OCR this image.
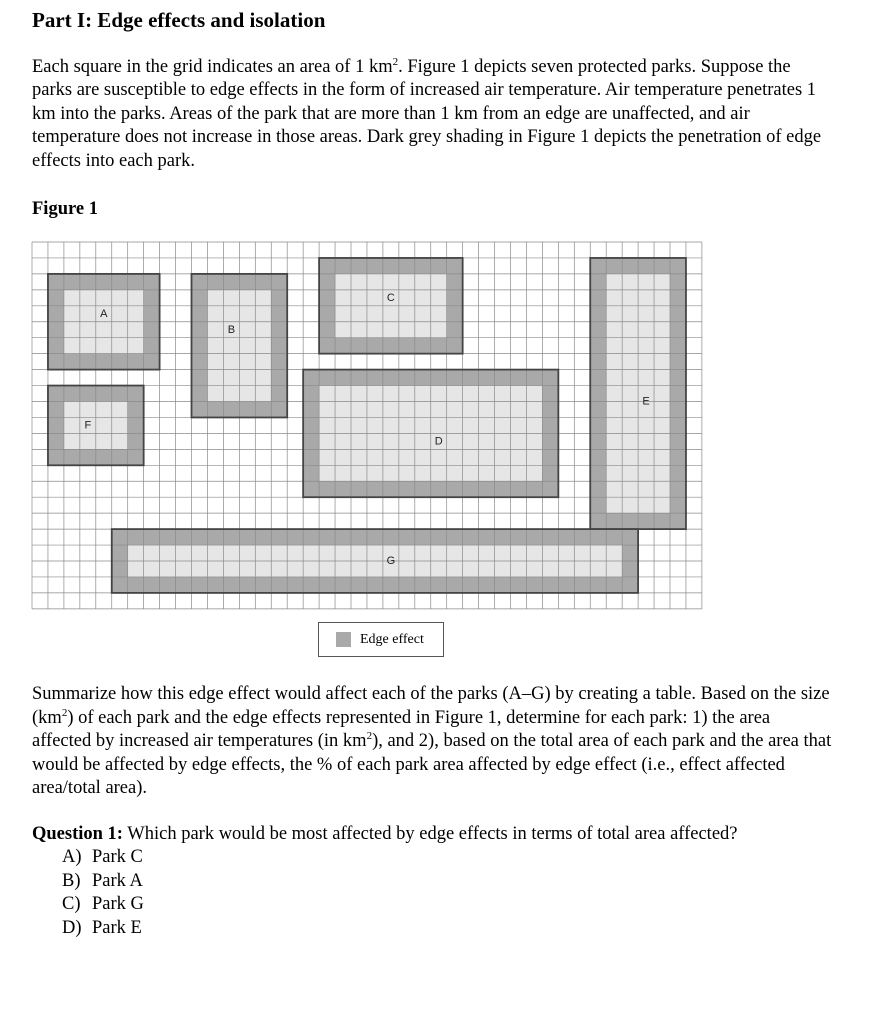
Part I: Edge effects and isolation

Each square in the grid indicates an area of 1 $km^2$. Figure 1 depicts seven protected parks. Suppose the parks are susceptible to edge effects in the form of increased air temperature. Air temperature penetrates 1 km into the parks. Areas of the park that are more than 1 km from an edge are unaffected, and air temperature does not increase in those areas. Dark grey shading in Figure 1 depicts the penetration of edge effects into each park.

Figure 1
A
B
C
D
E
F
G
Edge effect

Summarize how this edge effect would affect each of the parks (A–G) by creating a table. Based on the size $(km^2)$ of each park and the edge effects represented in Figure 1, determine for each park: 1) the area affected by increased air temperatures (in $km^2$), and 2), based on the total area of each park and the area that would be affected by edge effects, the % of each park area affected by edge effect (i.e., effect affected area/total area).

Question 1: Which park would be most affected by edge effects in terms of total area affected?

A) Park C
B) Park A
C) Park G
D) Park E
